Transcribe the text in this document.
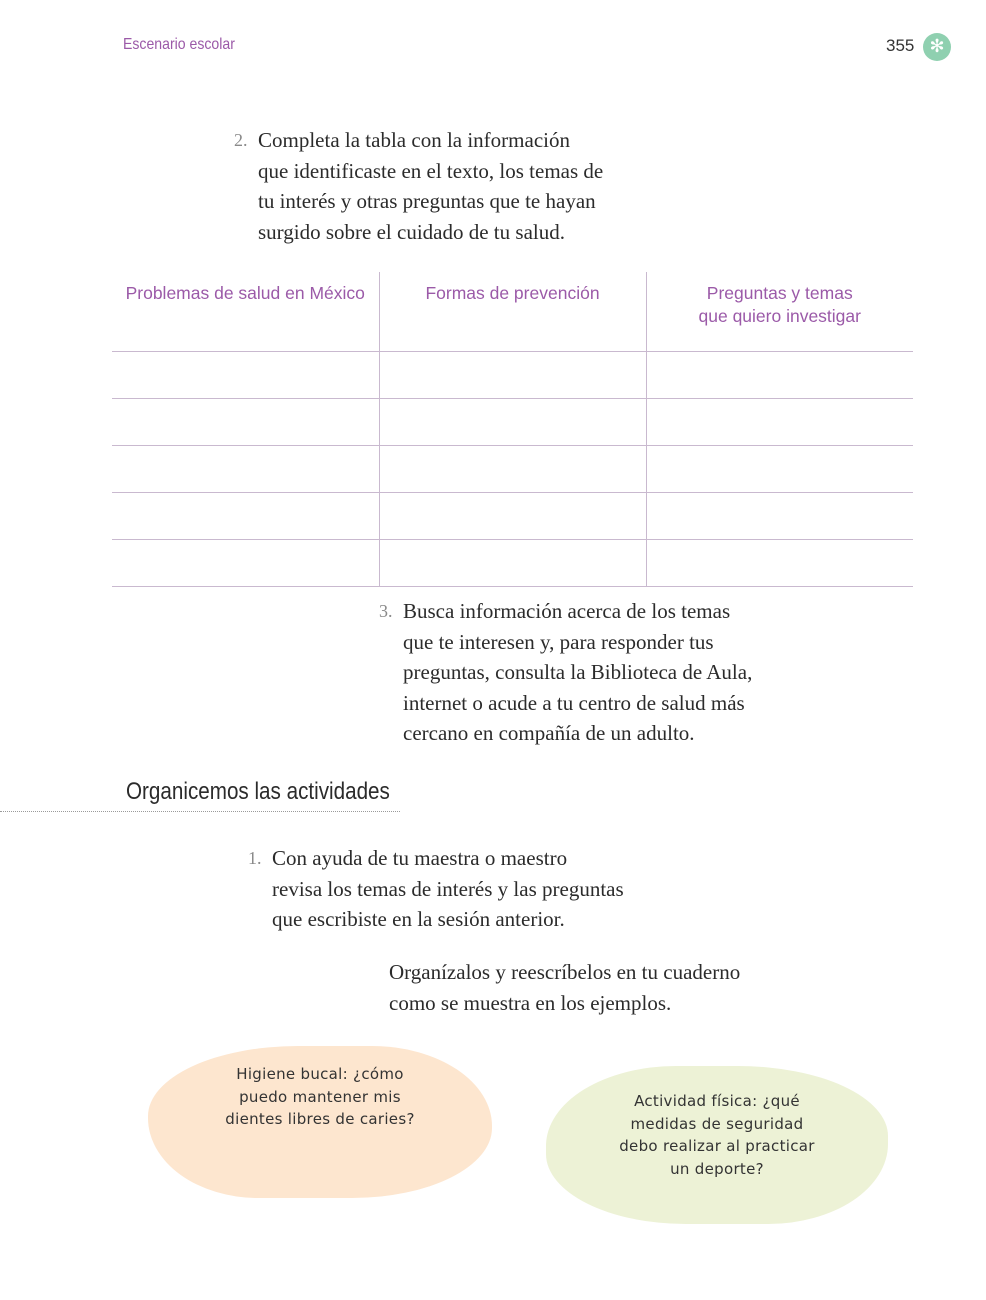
Escenario escolar	355 ✻
2. Completa la tabla con la información

que identificaste en el texto, los temas de

tu interés y otras preguntas que te hayan

surgido sobre el cuidado de tu salud.

Problemas de salud en México	Formas de prevención	Preguntas y temas
que quiero investigar

3. Busca información acerca de los temas

que te interesen y, para responder tus

preguntas, consulta la Biblioteca de Aula,

internet o acude a tu centro de salud más

cercano en compañía de un adulto.

Organicemos las actividades
1. Con ayuda de tu maestra o maestro

revisa los temas de interés y las preguntas

que escribiste en la sesión anterior.

Organízalos y reescríbelos en tu cuaderno

como se muestra en los ejemplos.

Higiene bucal: ¿cómo
puedo mantener mis
dientes libres de caries?
Actividad física: ¿qué
medidas de seguridad
debo realizar al practicar
un deporte?
